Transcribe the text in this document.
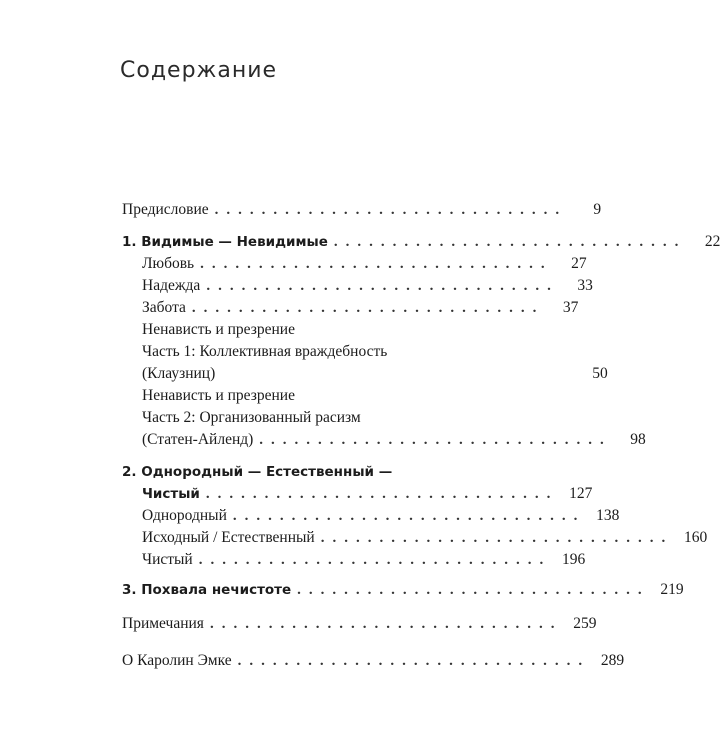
Содержание
Предисловие ..............................	9
1. Видимые — Невидимые ..............................	22
Любовь ..............................	27
Надежда ..............................	33
Забота ..............................	37
Ненависть и презрение
Часть 1: Коллективная враждебность
(Клаузниц)	50
Ненависть и презрение
Часть 2: Организованный расизм
(Статен-Айленд) ..............................	98
2. Однородный — Естественный —
Чистый .............................. 127
Однородный .............................. 138
Исходный / Естественный .............................. 160
Чистый .............................. 196
3. Похвала нечистоте .............................. 219
Примечания .............................. 259
О Каролин Эмке .............................. 289
